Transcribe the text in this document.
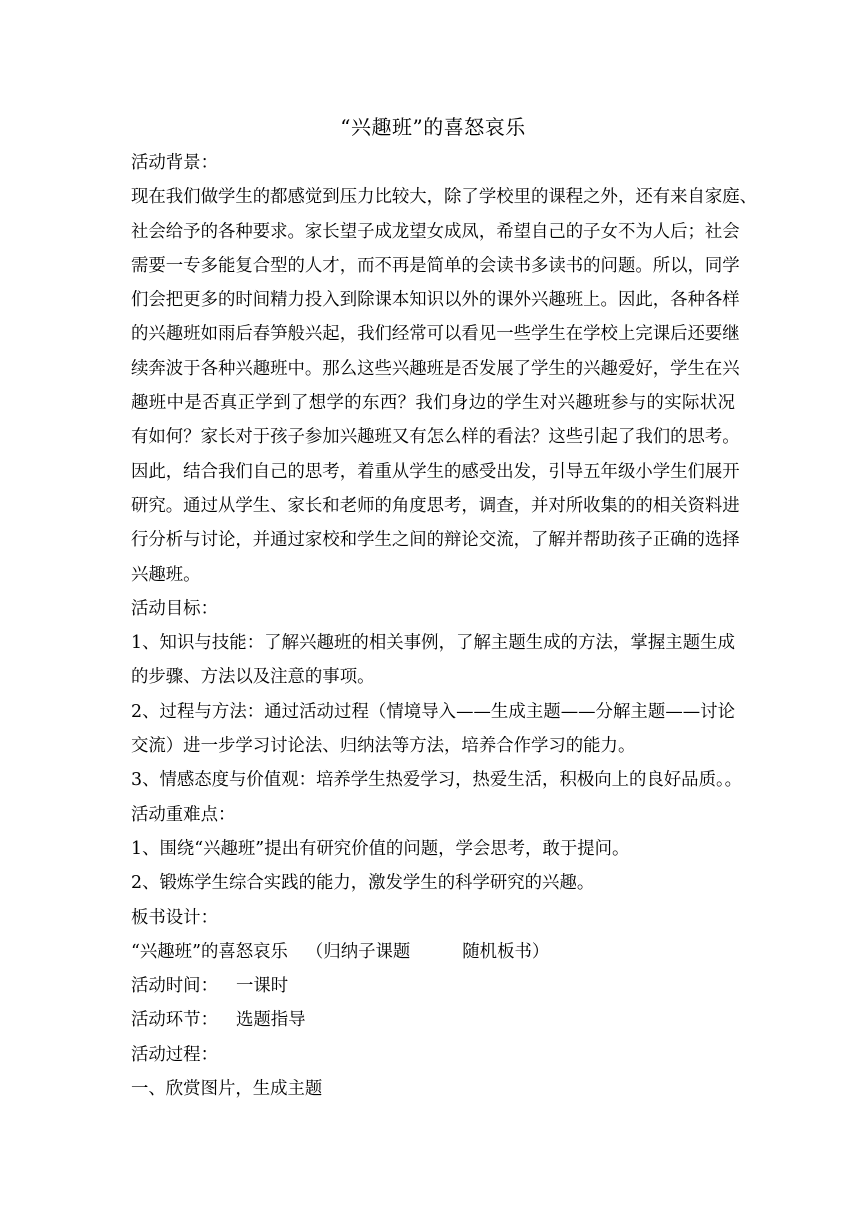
“兴趣班”的喜怒哀乐
活动背景：
现在我们做学生的都感觉到压力比较大，除了学校里的课程之外，还有来自家庭、
社会给予的各种要求。家长望子成龙望女成凤，希望自己的子女不为人后；社会
需要一专多能复合型的人才，而不再是简单的会读书多读书的问题。所以，同学
们会把更多的时间精力投入到除课本知识以外的课外兴趣班上。因此，各种各样
的兴趣班如雨后春笋般兴起，我们经常可以看见一些学生在学校上完课后还要继
续奔波于各种兴趣班中。那么这些兴趣班是否发展了学生的兴趣爱好，学生在兴
趣班中是否真正学到了想学的东西？我们身边的学生对兴趣班参与的实际状况
有如何？家长对于孩子参加兴趣班又有怎么样的看法？这些引起了我们的思考。
因此，结合我们自己的思考，着重从学生的感受出发，引导五年级小学生们展开
研究。通过从学生、家长和老师的角度思考，调查，并对所收集的的相关资料进
行分析与讨论，并通过家校和学生之间的辩论交流，了解并帮助孩子正确的选择
兴趣班。
活动目标：
1、知识与技能：了解兴趣班的相关事例，了解主题生成的方法，掌握主题生成
的步骤、方法以及注意的事项。
2、过程与方法：通过活动过程（情境导入——生成主题——分解主题——讨论
交流）进一步学习讨论法、归纳法等方法，培养合作学习的能力。
3、情感态度与价值观：培养学生热爱学习，热爱生活，积极向上的良好品质。。
活动重难点：
1、围绕“兴趣班”提出有研究价值的问题，学会思考，敢于提问。
2、锻炼学生综合实践的能力，激发学生的科学研究的兴趣。
板书设计：
“兴趣班”的喜怒哀乐 （归纳子课题	随机板书）
活动时间： 一课时
活动环节： 选题指导
活动过程：
一、欣赏图片，生成主题
